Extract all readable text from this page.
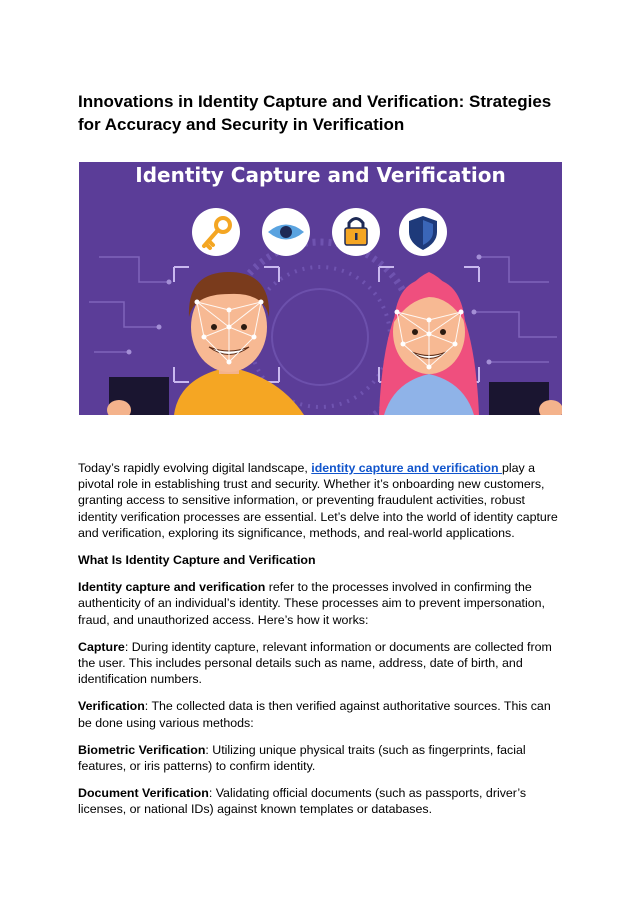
Innovations in Identity Capture and Verification: Strategies for Accuracy and Security in Verification
Identity Capture and Verification

Today’s rapidly evolving digital landscape, identity capture and verification play a pivotal role in establishing trust and security. Whether it’s onboarding new customers, granting access to sensitive information, or preventing fraudulent activities, robust identity verification processes are essential. Let’s delve into the world of identity capture and verification, exploring its significance, methods, and real-world applications.

What Is Identity Capture and Verification

Identity capture and verification refer to the processes involved in confirming the authenticity of an individual’s identity. These processes aim to prevent impersonation, fraud, and unauthorized access. Here’s how it works:

Capture: During identity capture, relevant information or documents are collected from the user. This includes personal details such as name, address, date of birth, and identification numbers.

Verification: The collected data is then verified against authoritative sources. This can be done using various methods:

Biometric Verification: Utilizing unique physical traits (such as fingerprints, facial features, or iris patterns) to confirm identity.

Document Verification: Validating official documents (such as passports, driver’s licenses, or national IDs) against known templates or databases.
